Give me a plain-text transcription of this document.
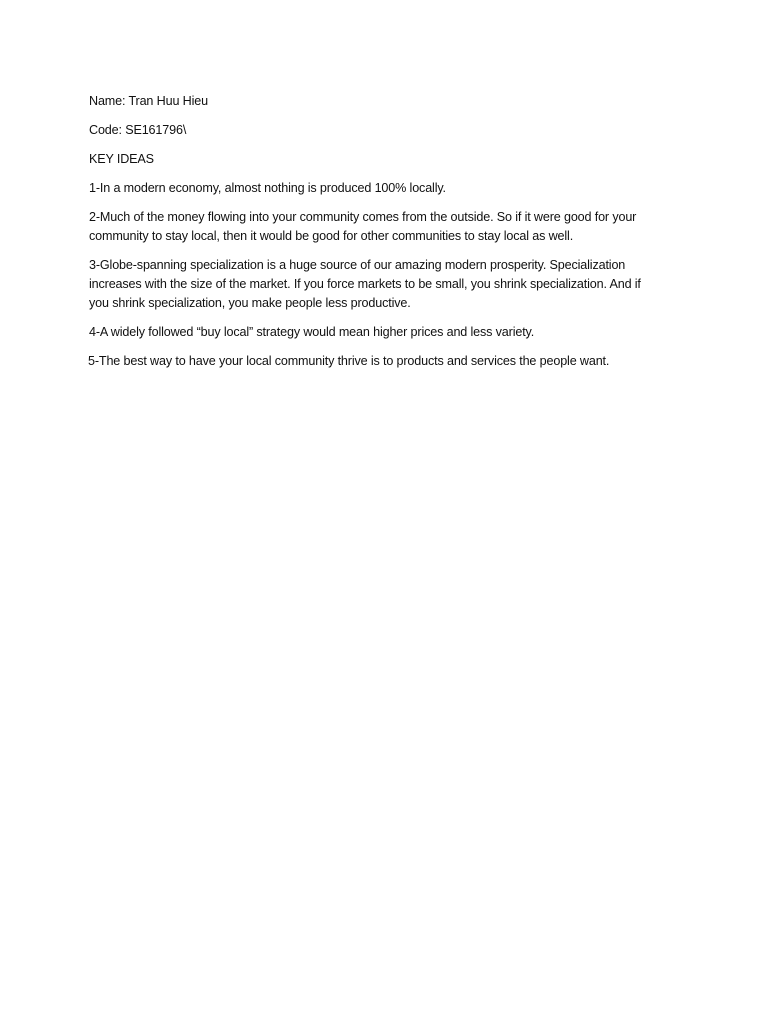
Name: Tran Huu Hieu

Code: SE161796\

KEY IDEAS

1-In a modern economy, almost nothing is produced 100% locally.

2-Much of the money flowing into your community comes from the outside. So if it were good for your community to stay local, then it would be good for other communities to stay local as well.

3-Globe-spanning specialization is a huge source of our amazing modern prosperity. Specialization increases with the size of the market. If you force markets to be small, you shrink specialization. And if you shrink specialization, you make people less productive.

4-A widely followed “buy local” strategy would mean higher prices and less variety.

5-The best way to have your local community thrive is to products and services the people want.
